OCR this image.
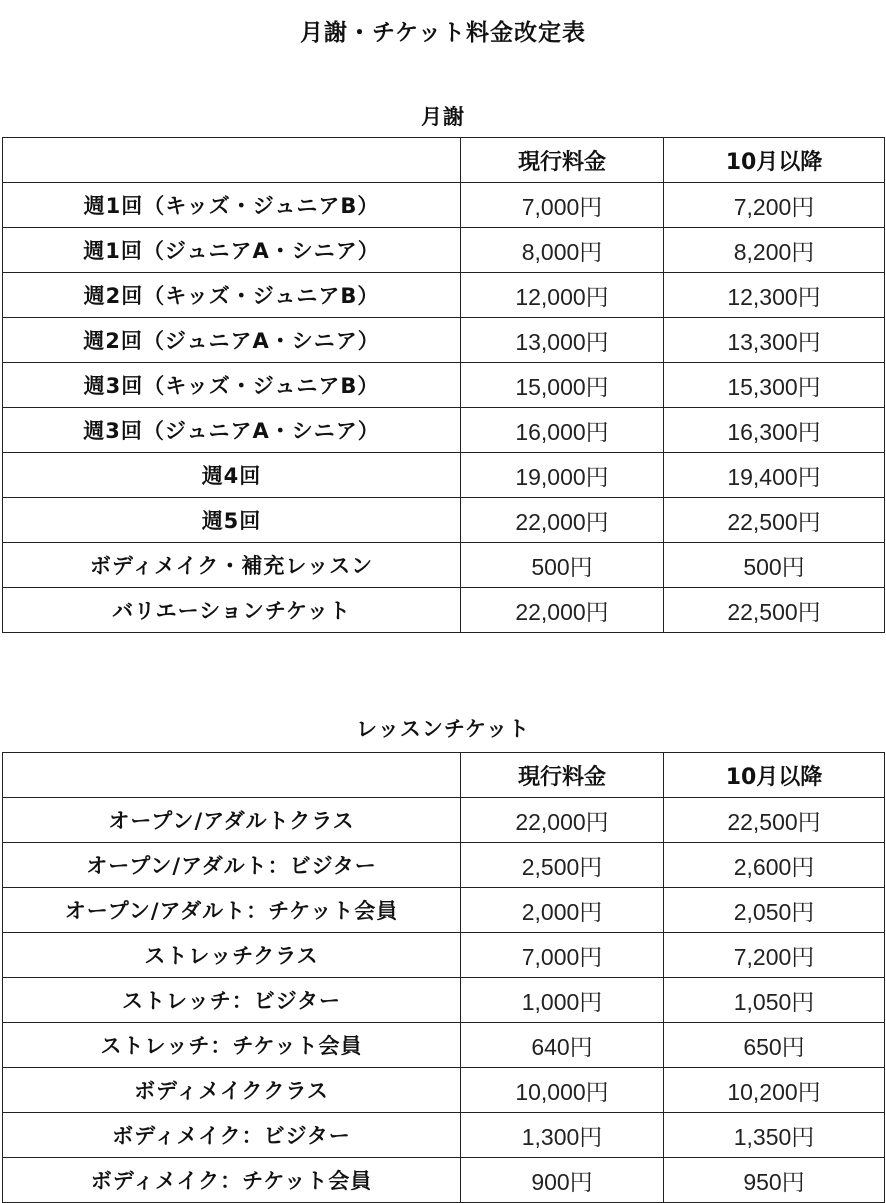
月謝・チケット料金改定表
月謝
	現行料金	10月以降
週1回（キッズ・ジュニアB）	7,000円	7,200円
週1回（ジュニアA・シニア）	8,000円	8,200円
週2回（キッズ・ジュニアB）	12,000円	12,300円
週2回（ジュニアA・シニア）	13,000円	13,300円
週3回（キッズ・ジュニアB）	15,000円	15,300円
週3回（ジュニアA・シニア）	16,000円	16,300円
週4回	19,000円	19,400円
週5回	22,000円	22,500円
ボディメイク・補充レッスン	500円	500円
バリエーションチケット	22,000円	22,500円
レッスンチケット
	現行料金	10月以降
オープン/アダルトクラス	22,000円	22,500円
オープン/アダルト：ビジター	2,500円	2,600円
オープン/アダルト：チケット会員	2,000円	2,050円
ストレッチクラス	7,000円	7,200円
ストレッチ：ビジター	1,000円	1,050円
ストレッチ：チケット会員	640円	650円
ボディメイククラス	10,000円	10,200円
ボディメイク：ビジター	1,300円	1,350円
ボディメイク：チケット会員	900円	950円
